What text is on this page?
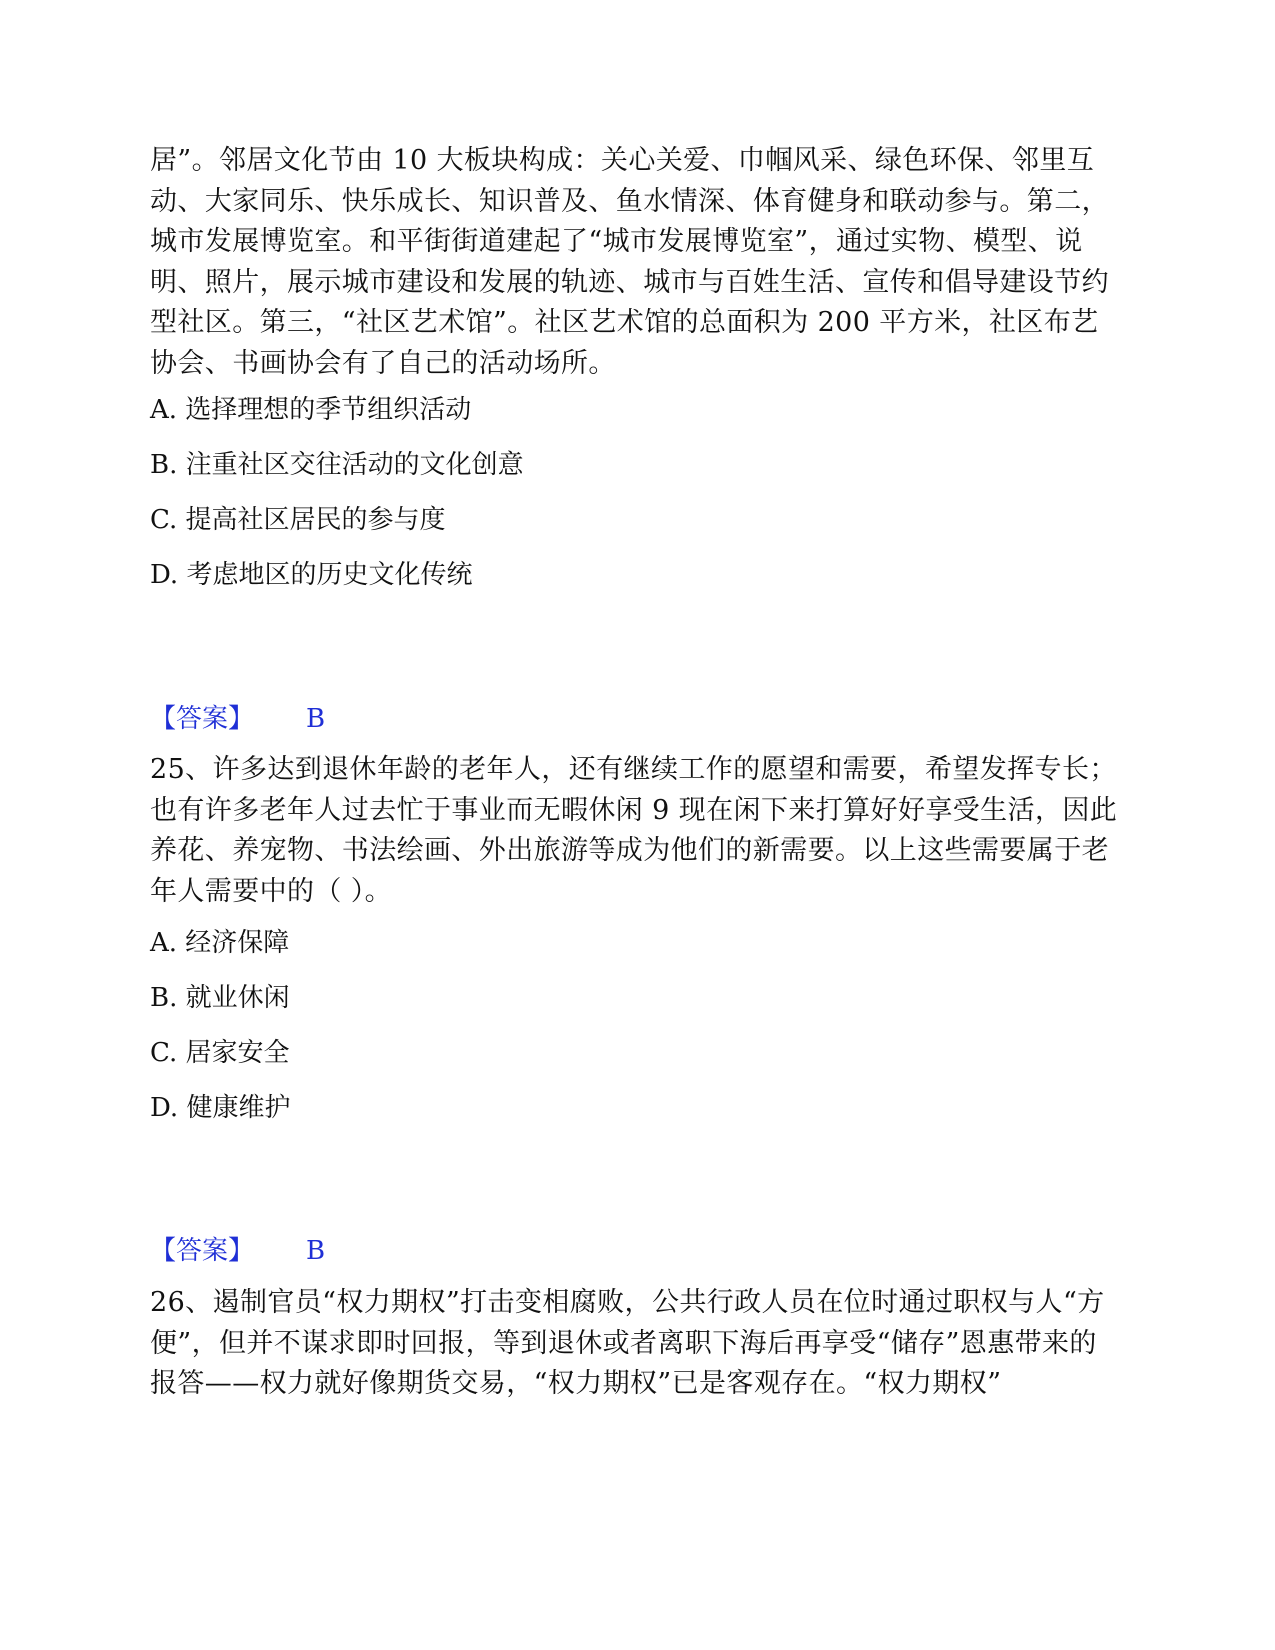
居”。邻居文化节由 10 大板块构成：关心关爱、巾帼风采、绿色环保、邻里互动、大家同乐、快乐成长、知识普及、鱼水情深、体育健身和联动参与。第二，城市发展博览室。和平街街道建起了“城市发展博览室”，通过实物、模型、说明、照片，展示城市建设和发展的轨迹、城市与百姓生活、宣传和倡导建设节约型社区。第三，“社区艺术馆”。社区艺术馆的总面积为 200 平方米，社区布艺协会、书画协会有了自己的活动场所。
A. 选择理想的季节组织活动
B. 注重社区交往活动的文化创意
C. 提高社区居民的参与度
D. 考虑地区的历史文化传统
【答案】 B
25、许多达到退休年龄的老年人，还有继续工作的愿望和需要，希望发挥专长；也有许多老年人过去忙于事业而无暇休闲 9 现在闲下来打算好好享受生活，因此养花、养宠物、书法绘画、外出旅游等成为他们的新需要。以上这些需要属于老年人需要中的（ ）。
A. 经济保障
B. 就业休闲
C. 居家安全
D. 健康维护
【答案】 B
26、遏制官员“权力期权”打击变相腐败，公共行政人员在位时通过职权与人“方便”，但并不谋求即时回报，等到退休或者离职下海后再享受“储存”恩惠带来的报答——权力就好像期货交易，“权力期权”已是客观存在。“权力期权”
